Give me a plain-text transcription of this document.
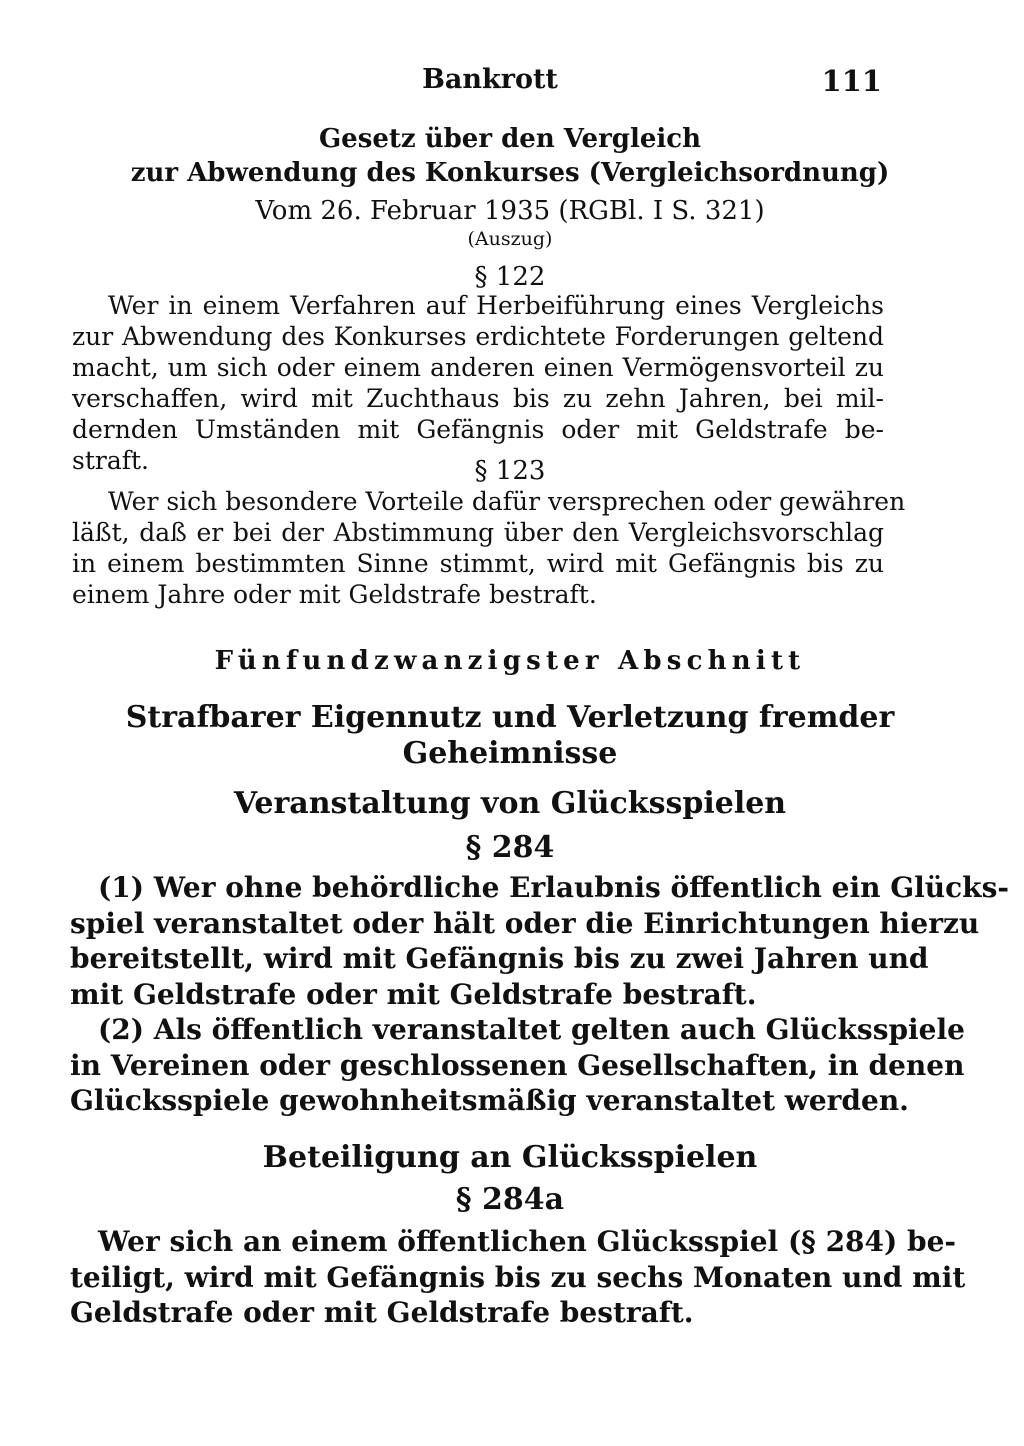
Bankrott	111
Gesetz über den Vergleich
zur Abwendung des Konkurses (Vergleichsordnung)
Vom 26. Februar 1935 (RGBl. I S. 321)
(Auszug)
§ 122
Wer in einem Verfahren auf Herbeiführung eines Vergleichs
zur Abwendung des Konkurses erdichtete Forderungen geltend
macht, um sich oder einem anderen einen Vermögensvorteil zu
verschaffen, wird mit Zuchthaus bis zu zehn Jahren, bei mil-
dernden Umständen mit Gefängnis oder mit Geldstrafe be-
straft.	§ 123
Wer sich besondere Vorteile dafür versprechen oder gewähren
läßt, daß er bei der Abstimmung über den Vergleichsvorschlag
in einem bestimmten Sinne stimmt, wird mit Gefängnis bis zu
einem Jahre oder mit Geldstrafe bestraft.
Fünfundzwanzigster Abschnitt
Strafbarer Eigennutz und Verletzung fremder
Geheimnisse
Veranstaltung von Glücksspielen
§ 284
(1) Wer ohne behördliche Erlaubnis öffentlich ein Glücks-
spiel veranstaltet oder hält oder die Einrichtungen hierzu
bereitstellt, wird mit Gefängnis bis zu zwei Jahren und
mit Geldstrafe oder mit Geldstrafe bestraft.
(2) Als öffentlich veranstaltet gelten auch Glücksspiele
in Vereinen oder geschlossenen Gesellschaften, in denen
Glücksspiele gewohnheitsmäßig veranstaltet werden.
Beteiligung an Glücksspielen
§ 284a
Wer sich an einem öffentlichen Glücksspiel (§ 284) be-
teiligt, wird mit Gefängnis bis zu sechs Monaten und mit
Geldstrafe oder mit Geldstrafe bestraft.
